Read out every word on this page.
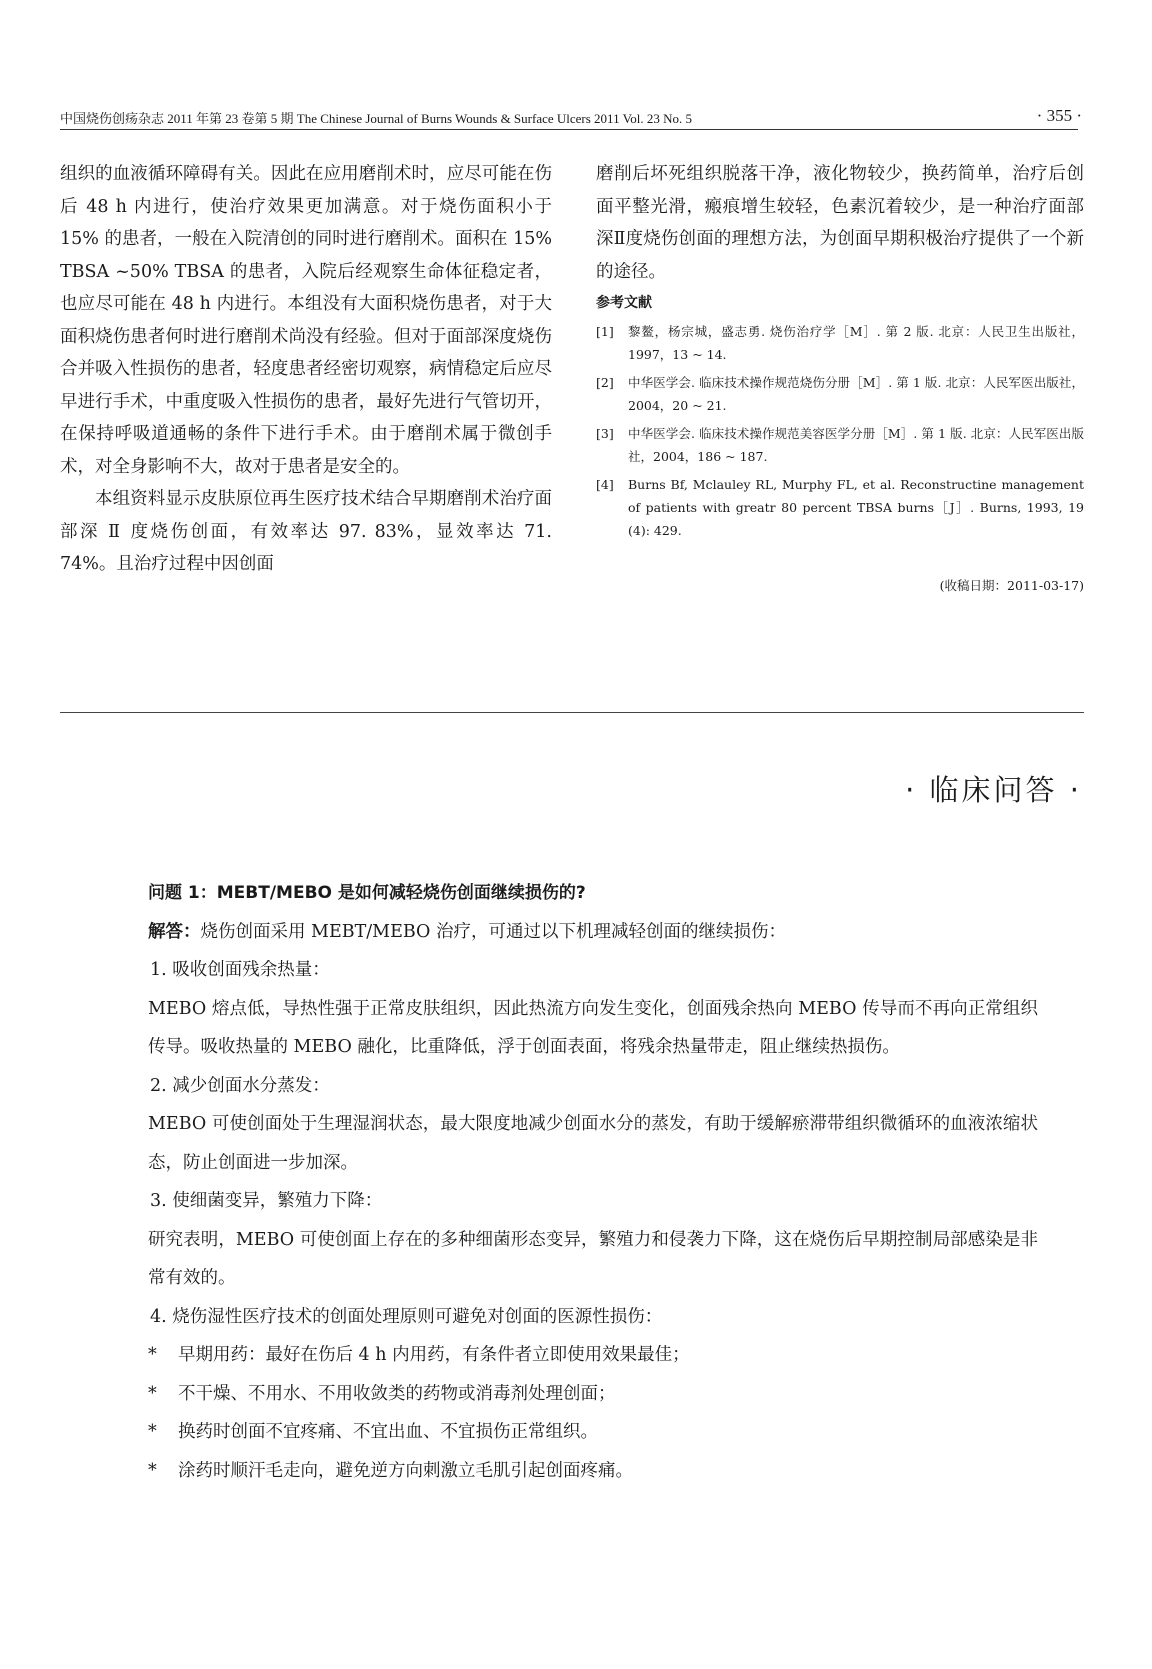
中国烧伤创疡杂志 2011 年第 23 卷第 5 期 The Chinese Journal of Burns Wounds & Surface Ulcers 2011 Vol. 23 No. 5	· 355 ·

组织的血液循环障碍有关。因此在应用磨削术时，应尽可能在伤后 48 h 内进行，使治疗效果更加满意。对于烧伤面积小于 15% 的患者，一般在入院清创的同时进行磨削术。面积在 15% TBSA ~50% TBSA 的患者，入院后经观察生命体征稳定者，也应尽可能在 48 h 内进行。本组没有大面积烧伤患者，对于大面积烧伤患者何时进行磨削术尚没有经验。但对于面部深度烧伤合并吸入性损伤的患者，轻度患者经密切观察，病情稳定后应尽早进行手术，中重度吸入性损伤的患者，最好先进行气管切开，在保持呼吸道通畅的条件下进行手术。由于磨削术属于微创手术，对全身影响不大，故对于患者是安全的。

本组资料显示皮肤原位再生医疗技术结合早期磨削术治疗面部深 Ⅱ 度烧伤创面，有效率达 97. 83%，显效率达 71. 74%。且治疗过程中因创面

磨削后坏死组织脱落干净，液化物较少，换药简单，治疗后创面平整光滑，瘢痕增生较轻，色素沉着较少，是一种治疗面部深Ⅱ度烧伤创面的理想方法，为创面早期积极治疗提供了一个新的途径。

参考文献
[1]	黎鳌，杨宗城，盛志勇. 烧伤治疗学［M］. 第 2 版. 北京：人民卫生出版社，1997，13 ~ 14.
[2]	中华医学会. 临床技术操作规范烧伤分册［M］. 第 1 版. 北京：人民军医出版社，2004，20 ~ 21.
[3]	中华医学会. 临床技术操作规范美容医学分册［M］. 第 1 版. 北京：人民军医出版社，2004，186 ~ 187.
[4]	Burns Bf, Mclauley RL, Murphy FL, et al. Reconstructine management of patients with greatr 80 percent TBSA burns［J］. Burns, 1993, 19 (4): 429.
(收稿日期：2011-03-17)
· 临床问答 ·

问题 1：MEBT/MEBO 是如何减轻烧伤创面继续损伤的?

解答：烧伤创面采用 MEBT/MEBO 治疗，可通过以下机理减轻创面的继续损伤：

1. 吸收创面残余热量：

MEBO 熔点低，导热性强于正常皮肤组织，因此热流方向发生变化，创面残余热向 MEBO 传导而不再向正常组织传导。吸收热量的 MEBO 融化，比重降低，浮于创面表面，将残余热量带走，阻止继续热损伤。

2. 减少创面水分蒸发：

MEBO 可使创面处于生理湿润状态，最大限度地减少创面水分的蒸发，有助于缓解瘀滞带组织微循环的血液浓缩状态，防止创面进一步加深。

3. 使细菌变异，繁殖力下降：

研究表明，MEBO 可使创面上存在的多种细菌形态变异，繁殖力和侵袭力下降，这在烧伤后早期控制局部感染是非常有效的。

4. 烧伤湿性医疗技术的创面处理原则可避免对创面的医源性损伤：

*	早期用药：最好在伤后 4 h 内用药，有条件者立即使用效果最佳；
*	不干燥、不用水、不用收敛类的药物或消毒剂处理创面；
*	换药时创面不宜疼痛、不宜出血、不宜损伤正常组织。
*	涂药时顺汗毛走向，避免逆方向刺激立毛肌引起创面疼痛。
